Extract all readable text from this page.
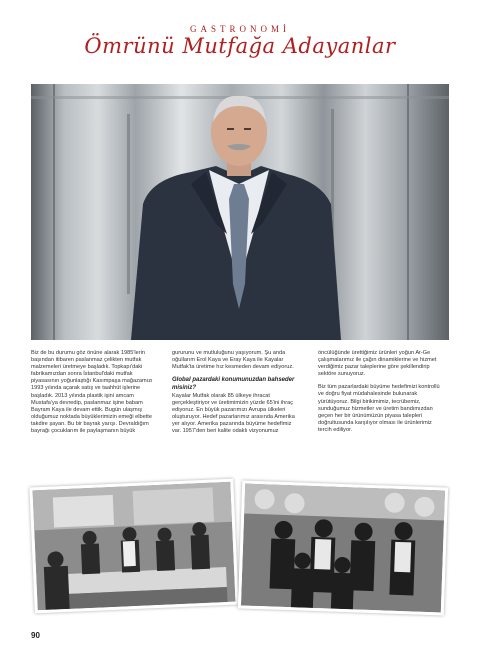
GASTRONOMİ
Ömrünü Mutfağa Adayanlar

Biz de bu durumu göz önüne alarak 1985'lerin başından itibaren paslanmaz çelikten mutfak malzemeleri üretmeye başladık. Topkapı'daki fabrikamızdan sonra İstanbul'daki mutfak piyasasının yoğunlaştığı Kasımpaşa mağazamızı 1993 yılında açarak satış ve taahhüt işlerine başladık. 2013 yılında plastik işini amcam Mustafa'ya devredip, paslanmaz işine babam Bayram Kaya ile devam ettik. Bugün ulaşmış olduğumuz noktada büyüklerimizin emeği elbette takdire şayan. Bu bir bayrak yarışı. Devraldığım bayrağı çocuklarım ile paylaşmanın büyük

gururunu ve mutluluğunu yaşıyorum. Şu anda oğullarım Erol Kaya ve Eray Kaya ile Kayalar Mutfak'ta üretime hız kesmeden devam ediyoruz.

Global pazardaki konumunuzdan bahseder misiniz?

Kayalar Mutfak olarak 85 ülkeye ihracat gerçekleştiriyor ve üretimimizin yüzde 65'ini ihraç ediyoruz. En büyük pazarımızı Avrupa ülkeleri oluşturuyor. Hedef pazarlarımız arasında Amerika yer alıyor. Amerika pazarında büyüme hedefimiz var. 1957'den beri kalite odaklı vizyonumuz

öncülüğünde ürettiğimiz ürünleri yoğun Ar-Ge çalışmalarımız ile çağın dinamiklerine ve hizmet verdiğimiz pazar taleplerine göre şekillendirip sektöre sunuyoruz.

Biz tüm pazarlardaki büyüme hedefimizi kontrollü ve doğru fiyat müdahalesinde bulunarak yürütüyoruz. Bilgi birikimimiz, tecrübemiz, sunduğumuz hizmetler ve üretim bandımızdan geçen her bir ürünümüzün piyasa talepleri doğrultusunda karşılıyor olması ile ürünlerimiz tercih ediliyor.

90
